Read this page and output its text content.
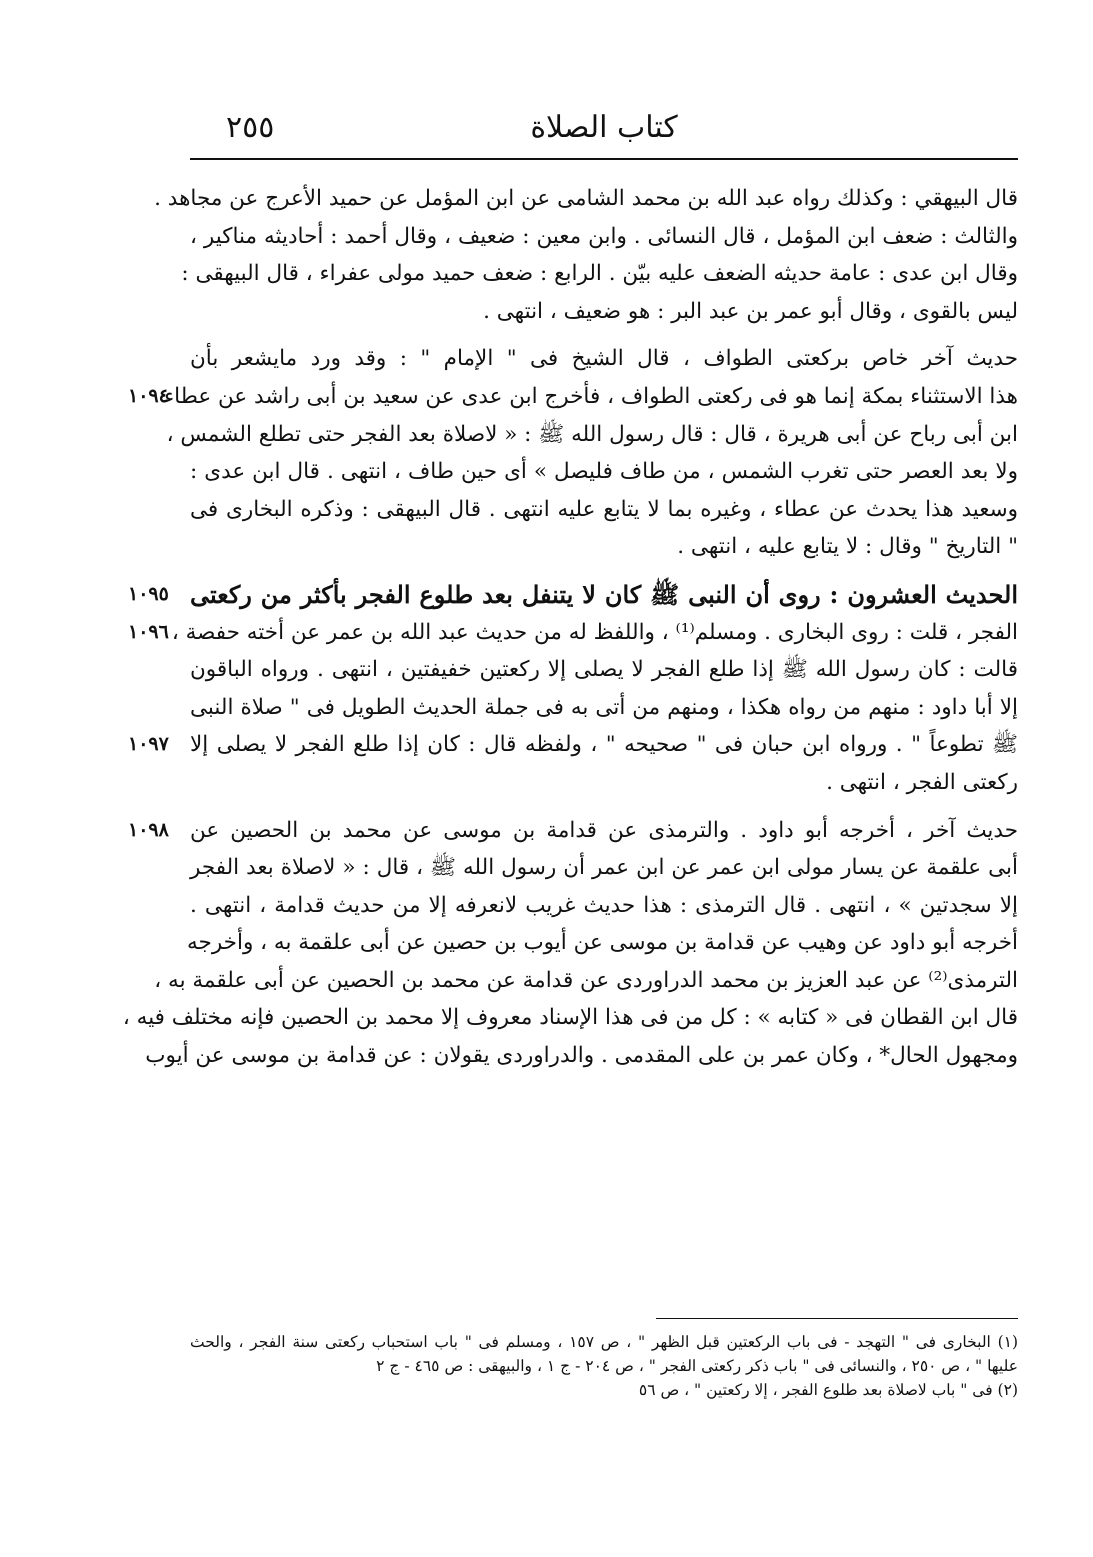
كتاب الصلاة
٢٥٥
قال البيهقي : وكذلك رواه عبد الله بن محمد الشامى عن ابن المؤمل عن حميد الأعرج عن مجاهد .
والثالث : ضعف ابن المؤمل ، قال النسائى . وابن معين : ضعيف ، وقال أحمد : أحاديثه مناكير ،
وقال ابن عدى : عامة حديثه الضعف عليه بيّن . الرابع : ضعف حميد مولى عفراء ، قال البيهقى :
ليس بالقوى ، وقال أبو عمر بن عبد البر : هو ضعيف ، انتهى .
حديث آخر خاص بركعتى الطواف ، قال الشيخ فى " الإمام " : وقد ورد مايشعر بأن
هذا الاستثناء بمكة إنما هو فى ركعتى الطواف ، فأخرج ابن عدى عن سعيد بن أبى راشد عن عطاء
١٠٩٤
ابن أبى رباح عن أبى هريرة ، قال : قال رسول الله ﷺ : « لاصلاة بعد الفجر حتى تطلع الشمس ،
ولا بعد العصر حتى تغرب الشمس ، من طاف فليصل » أى حين طاف ، انتهى . قال ابن عدى :
وسعيد هذا يحدث عن عطاء ، وغيره بما لا يتابع عليه انتهى . قال البيهقى : وذكره البخارى فى
" التاريخ " وقال : لا يتابع عليه ، انتهى .
الحديث العشرون : روى أن النبى ﷺ كان لا يتنفل بعد طلوع الفجر بأكثر من ركعتى
١٠٩٥
الفجر ، قلت : روى البخارى . ومسلم⁽¹⁾ ، واللفظ له من حديث عبد الله بن عمر عن أخته حفصة ،
١٠٩٦
قالت : كان رسول الله ﷺ إذا طلع الفجر لا يصلى إلا ركعتين خفيفتين ، انتهى . ورواه الباقون
إلا أبا داود : منهم من رواه هكذا ، ومنهم من أتى به فى جملة الحديث الطويل فى " صلاة النبى
ﷺ تطوعاً " . ورواه ابن حبان فى " صحيحه " ، ولفظه قال : كان إذا طلع الفجر لا يصلى إلا
١٠٩٧
ركعتى الفجر ، انتهى .
حديث آخر ، أخرجه أبو داود . والترمذى عن قدامة بن موسى عن محمد بن الحصين عن
١٠٩٨
أبى علقمة عن يسار مولى ابن عمر عن ابن عمر أن رسول الله ﷺ ، قال : « لاصلاة بعد الفجر
إلا سجدتين » ، انتهى . قال الترمذى : هذا حديث غريب لانعرفه إلا من حديث قدامة ، انتهى .
أخرجه أبو داود عن وهيب عن قدامة بن موسى عن أيوب بن حصين عن أبى علقمة به ، وأخرجه
الترمذى⁽²⁾ عن عبد العزيز بن محمد الدراوردى عن قدامة عن محمد بن الحصين عن أبى علقمة به ،
قال ابن القطان فى « كتابه » : كل من فى هذا الإسناد معروف إلا محمد بن الحصين فإنه مختلف فيه ،
ومجهول الحال* ، وكان عمر بن على المقدمى . والدراوردى يقولان : عن قدامة بن موسى عن أيوب
(١) البخارى فى " التهجد - فى باب الركعتين قبل الظهر " ، ص ١٥٧ ، ومسلم فى " باب استحباب ركعتى سنة الفجر ، والحث
عليها " ، ص ٢٥٠ ، والنسائى فى " باب ذكر ركعتى الفجر " ، ص ٢٠٤ - ج ١ ، والبيهقى : ص ٤٦٥ - ج ٢
(٢) فى " باب لاصلاة بعد طلوع الفجر ، إلا ركعتين " ، ص ٥٦
